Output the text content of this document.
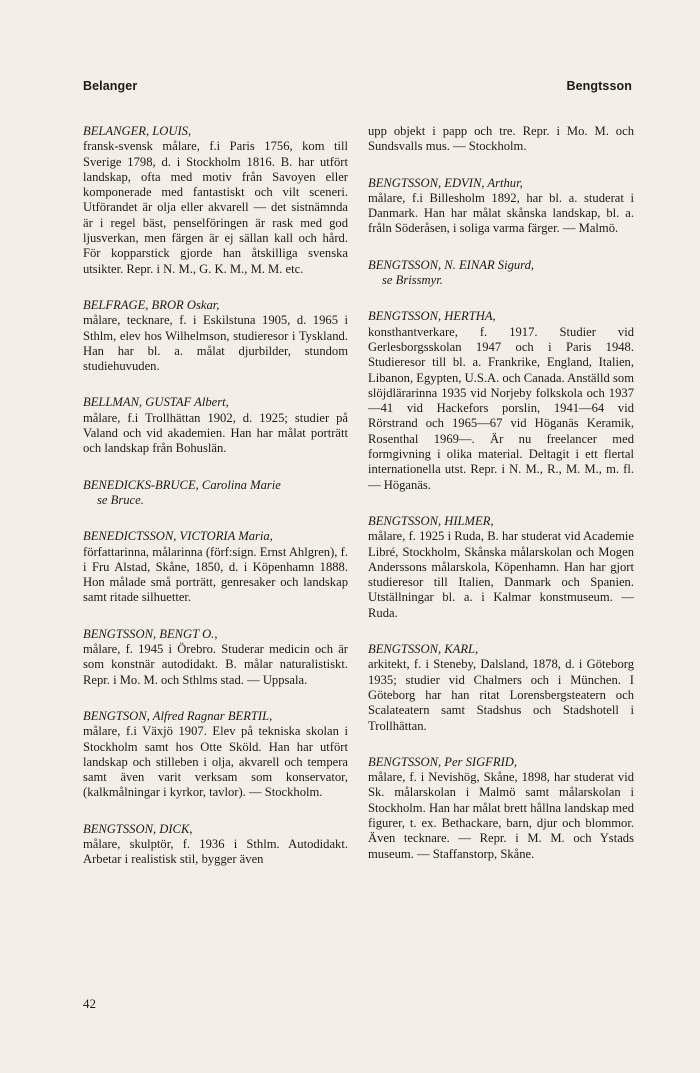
Belanger	Bengtsson
BELANGER, LOUIS,
fransk-svensk målare, f.i Paris 1756, kom till Sverige 1798, d. i Stockholm 1816. B. har utfört landskap, ofta med motiv från Savoyen eller komponerade med fantastiskt och vilt sceneri. Utförandet är olja eller akvarell — det sistnämnda är i regel bäst, penselföringen är rask med god ljusverkan, men färgen är ej sällan kall och hård. För kopparstick gjorde han åtskilliga svenska utsikter. Repr. i N. M., G. K. M., M. M. etc.
BELFRAGE, BROR Oskar,
målare, tecknare, f. i Eskilstuna 1905, d. 1965 i Sthlm, elev hos Wilhelmson, studieresor i Tyskland. Han har bl. a. målat djurbilder, stundom studiehuvuden.
BELLMAN, GUSTAF Albert,
målare, f.i Trollhättan 1902, d. 1925; studier på Valand och vid akademien. Han har målat porträtt och landskap från Bohuslän.
BENEDICKS-BRUCE, Carolina Marie
se Bruce.
BENEDICTSSON, VICTORIA Maria,
författarinna, målarinna (förf:sign. Ernst Ahlgren), f. i Fru Alstad, Skåne, 1850, d. i Köpenhamn 1888. Hon målade små porträtt, genresaker och landskap samt ritade silhuetter.
BENGTSSON, BENGT O.,
målare, f. 1945 i Örebro. Studerar medicin och är som konstnär autodidakt. B. målar naturalistiskt. Repr. i Mo. M. och Sthlms stad. — Uppsala.
BENGTSON, Alfred Ragnar BERTIL,
målare, f.i Växjö 1907. Elev på tekniska skolan i Stockholm samt hos Otte Sköld. Han har utfört landskap och stilleben i olja, akvarell och tempera samt även varit verksam som konservator, (kalkmålningar i kyrkor, tavlor). — Stockholm.
BENGTSSON, DICK,
målare, skulptör, f. 1936 i Sthlm. Autodidakt. Arbetar i realistisk stil, bygger även
upp objekt i papp och tre. Repr. i Mo. M. och Sundsvalls mus. — Stockholm.
BENGTSSON, EDVIN, Arthur,
målare, f.i Billesholm 1892, har bl. a. studerat i Danmark. Han har målat skånska landskap, bl. a. fråln Söderåsen, i soliga varma färger. — Malmö.
BENGTSSON, N. EINAR Sigurd,
se Brissmyr.
BENGTSSON, HERTHA,
konsthantverkare, f. 1917. Studier vid Gerlesborgsskolan 1947 och i Paris 1948. Studieresor till bl. a. Frankrike, England, Italien, Libanon, Egypten, U.S.A. och Canada. Anställd som slöjdlärarinna 1935 vid Norjeby folkskola och 1937—41 vid Hackefors porslin, 1941—64 vid Rörstrand och 1965—67 vid Höganäs Keramik, Rosenthal 1969—. Är nu freelancer med formgivning i olika material. Deltagit i ett flertal internationella utst. Repr. i N. M., R., M. M., m. fl. — Höganäs.
BENGTSSON, HILMER,
målare, f. 1925 i Ruda, B. har studerat vid Academie Libré, Stockholm, Skånska målarskolan och Mogen Anderssons målarskola, Köpenhamn. Han har gjort studieresor till Italien, Danmark och Spanien. Utställningar bl. a. i Kalmar konstmuseum. — Ruda.
BENGTSSON, KARL,
arkitekt, f. i Steneby, Dalsland, 1878, d. i Göteborg 1935; studier vid Chalmers och i München. I Göteborg har han ritat Lorensbergsteatern och Scalateatern samt Stadshus och Stadshotell i Trollhättan.
BENGTSSON, Per SIGFRID,
målare, f. i Nevishög, Skåne, 1898, har studerat vid Sk. målarskolan i Malmö samt målarskolan i Stockholm. Han har målat brett hållna landskap med figurer, t. ex. Bethackare, barn, djur och blommor. Även tecknare. — Repr. i M. M. och Ystads museum. — Staffanstorp, Skåne.
42
